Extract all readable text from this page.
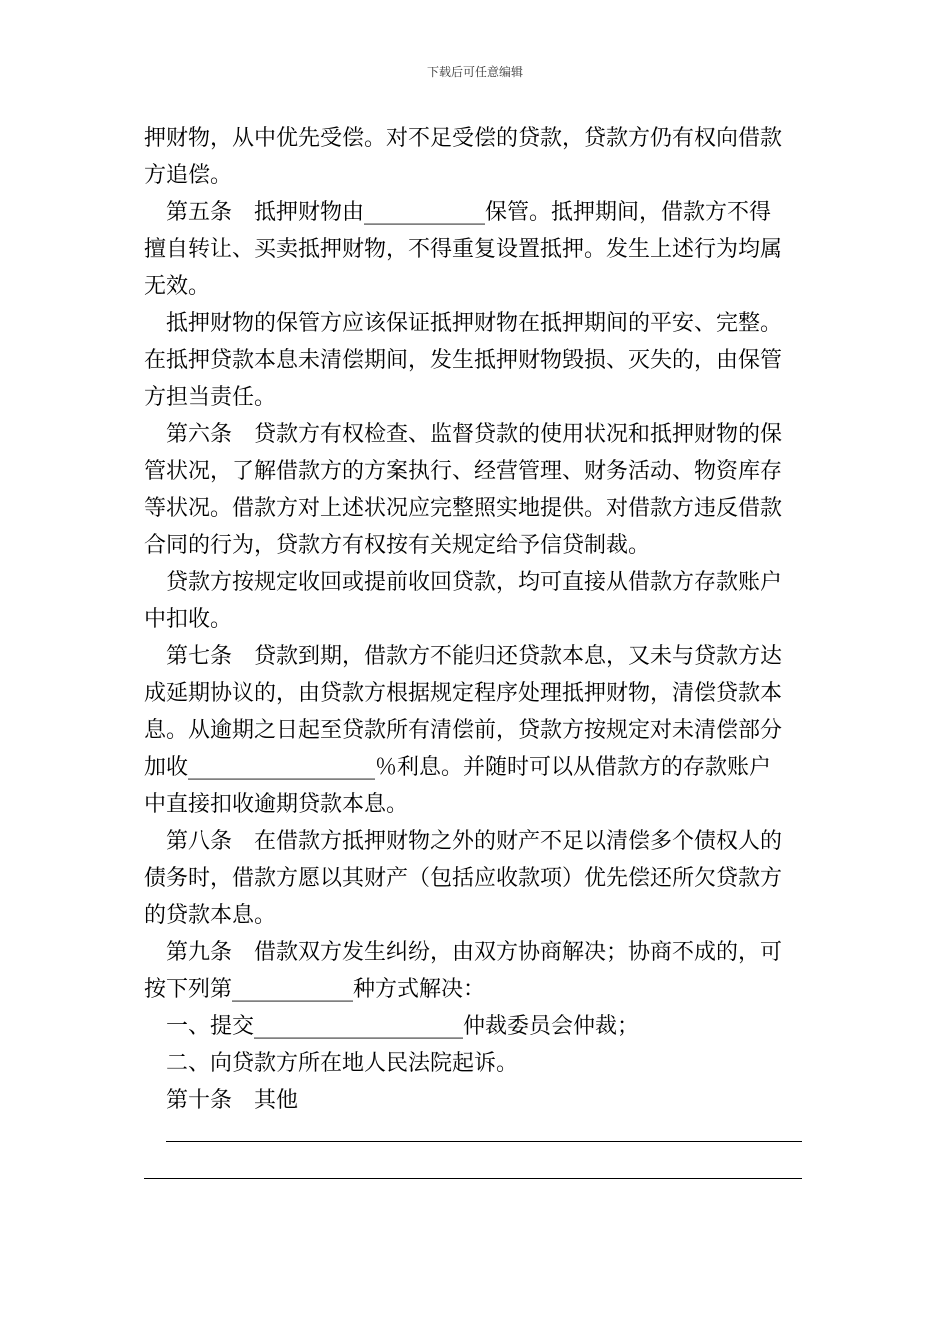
下载后可任意编辑
押财物，从中优先受偿。对不足受偿的贷款，贷款方仍有权向借款
方追偿。
第五条　抵押财物由___________保管。抵押期间，借款方不得
擅自转让、买卖抵押财物，不得重复设置抵押。发生上述行为均属
无效。
抵押财物的保管方应该保证抵押财物在抵押期间的平安、完整。
在抵押贷款本息未清偿期间，发生抵押财物毁损、灭失的，由保管
方担当责任。
第六条　贷款方有权检查、监督贷款的使用状况和抵押财物的保
管状况，了解借款方的方案执行、经营管理、财务活动、物资库存
等状况。借款方对上述状况应完整照实地提供。对借款方违反借款
合同的行为，贷款方有权按有关规定给予信贷制裁。
贷款方按规定收回或提前收回贷款，均可直接从借款方存款账户
中扣收。
第七条　贷款到期，借款方不能归还贷款本息，又未与贷款方达
成延期协议的，由贷款方根据规定程序处理抵押财物，清偿贷款本
息。从逾期之日起至贷款所有清偿前，贷款方按规定对未清偿部分
加收_________________％利息。并随时可以从借款方的存款账户
中直接扣收逾期贷款本息。
第八条　在借款方抵押财物之外的财产不足以清偿多个债权人的
债务时，借款方愿以其财产（包括应收款项）优先偿还所欠贷款方
的贷款本息。
第九条　借款双方发生纠纷，由双方协商解决；协商不成的，可
按下列第___________种方式解决：
一、提交___________________仲裁委员会仲裁；
二、向贷款方所在地人民法院起诉。
第十条　其他
